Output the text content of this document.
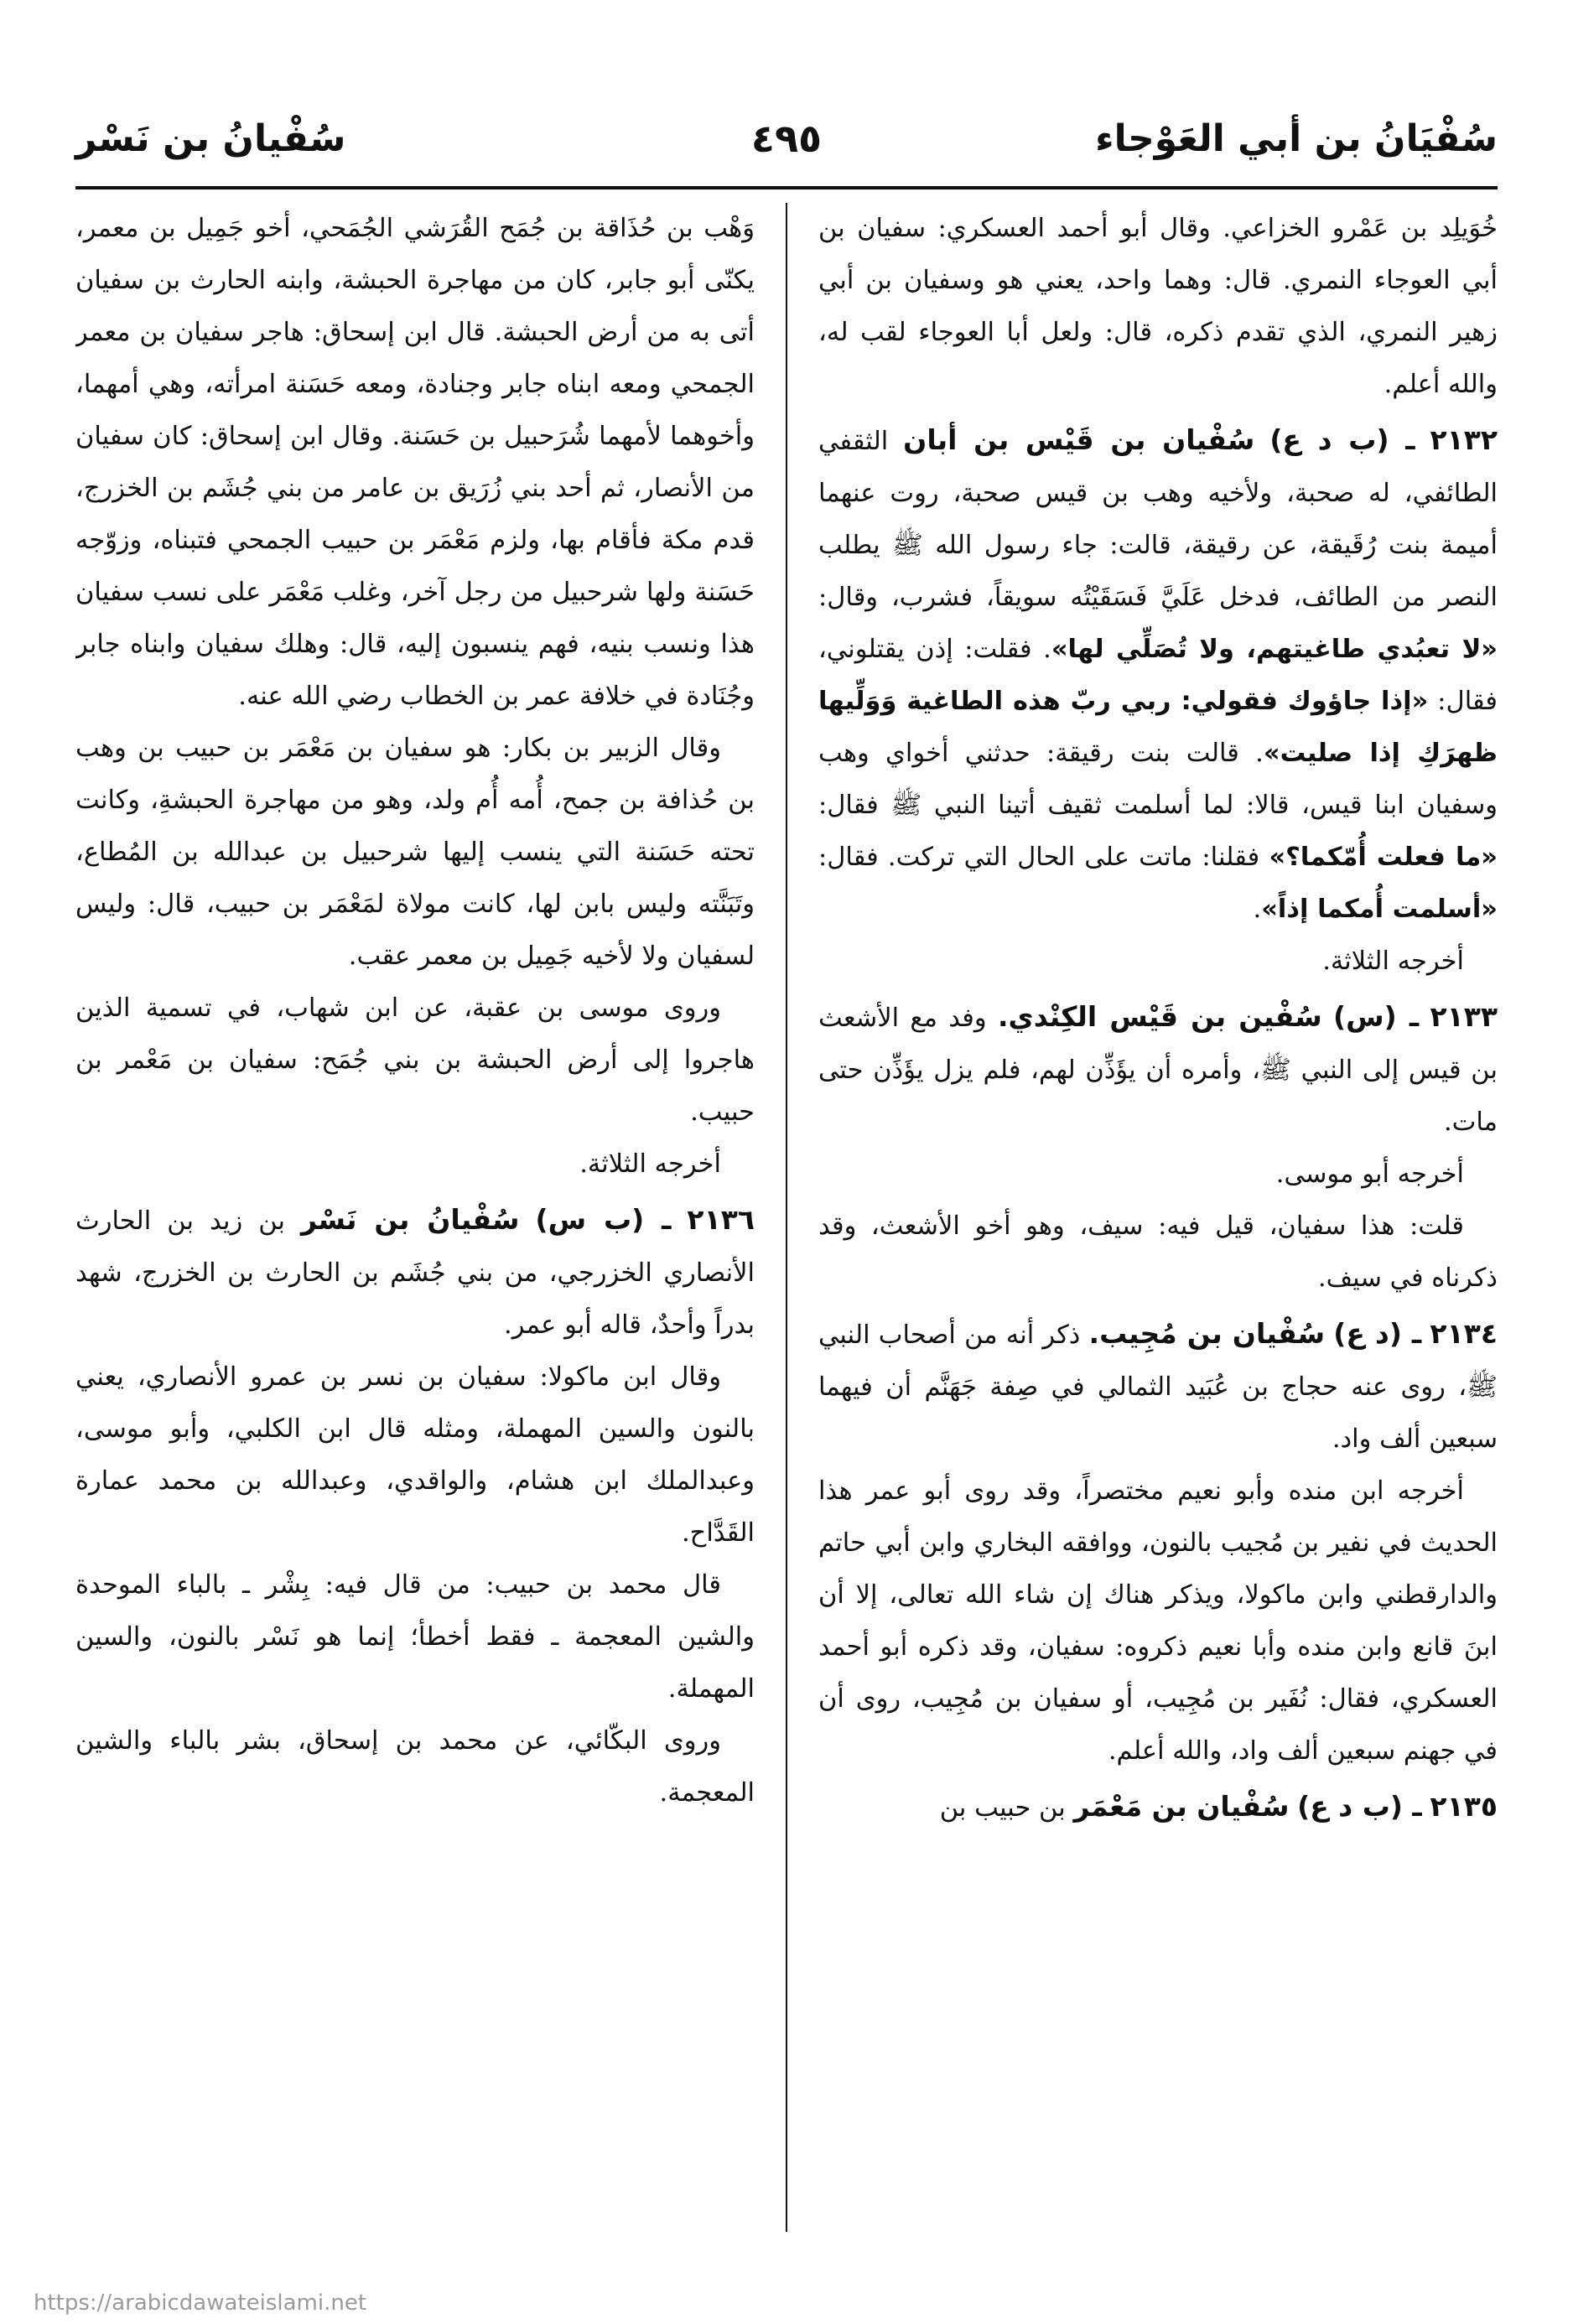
سُفْيَانُ بن أبي العَوْجاء
٤٩٥
سُفْيانُ بن نَسْر

خُوَيلِد بن عَمْرو الخزاعي. وقال أبو أحمد العسكري: سفيان بن أبي العوجاء النمري. قال: وهما واحد، يعني هو وسفيان بن أبي زهير النمري، الذي تقدم ذكره، قال: ولعل أبا العوجاء لقب له، والله أعلم.

٢١٣٢ ـ (ب د ع) سُفْيان بن قَيْس بن أبان الثقفي الطائفي، له صحبة، ولأخيه وهب بن قيس صحبة، روت عنهما أميمة بنت رُقَيقة، عن رقيقة، قالت: جاء رسول الله ﷺ يطلب النصر من الطائف، فدخل عَلَيَّ فَسَقَيْتُه سويقاً، فشرب، وقال: «لا تعبُدي طاغيتهم، ولا تُصَلِّي لها». فقلت: إذن يقتلوني، فقال: «إذا جاؤوك فقولي: ربي ربّ هذه الطاغية وَوَلِّيها ظهرَكِ إذا صليت». قالت بنت رقيقة: حدثني أخواي وهب وسفيان ابنا قيس، قالا: لما أسلمت ثقيف أتينا النبي ﷺ فقال: «ما فعلت أُمّكما؟» فقلنا: ماتت على الحال التي تركت. فقال: «أسلمت أُمكما إذاً».

أخرجه الثلاثة.

٢١٣٣ ـ (س) سُفْين بن قَيْس الكِنْدي. وفد مع الأشعث بن قيس إلى النبي ﷺ، وأمره أن يؤَذِّن لهم، فلم يزل يؤَذِّن حتى مات.

أخرجه أبو موسى.

قلت: هذا سفيان، قيل فيه: سيف، وهو أخو الأشعث، وقد ذكرناه في سيف.

٢١٣٤ ـ (د ع) سُفْيان بن مُجِيب. ذكر أنه من أصحاب النبي ﷺ، روى عنه حجاج بن عُبَيد الثمالي في صِفة جَهَنَّم أن فيهما سبعين ألف واد.

أخرجه ابن منده وأبو نعيم مختصراً، وقد روى أبو عمر هذا الحديث في نفير بن مُجيب بالنون، ووافقه البخاري وابن أبي حاتم والدارقطني وابن ماكولا، ويذكر هناك إن شاء الله تعالى، إلا أن ابنَ قانع وابن منده وأبا نعيم ذكروه: سفيان، وقد ذكره أبو أحمد العسكري، فقال: نُفَير بن مُجِيب، أو سفيان بن مُجِيب، روى أن في جهنم سبعين ألف واد، والله أعلم.

٢١٣٥ ـ (ب د ع) سُفْيان بن مَعْمَر بن حبيب بن

وَهْب بن حُذَاقة بن جُمَح القُرَشي الجُمَحي، أخو جَمِيل بن معمر، يكنّى أبو جابر، كان من مهاجرة الحبشة، وابنه الحارث بن سفيان أتى به من أرض الحبشة. قال ابن إسحاق: هاجر سفيان بن معمر الجمحي ومعه ابناه جابر وجنادة، ومعه حَسَنة امرأته، وهي أمهما، وأخوهما لأمهما شُرَحبيل بن حَسَنة. وقال ابن إسحاق: كان سفيان من الأنصار، ثم أحد بني زُرَيق بن عامر من بني جُشَم بن الخزرج، قدم مكة فأقام بها، ولزم مَعْمَر بن حبيب الجمحي فتبناه، وزوّجه حَسَنة ولها شرحبيل من رجل آخر، وغلب مَعْمَر على نسب سفيان هذا ونسب بنيه، فهم ينسبون إليه، قال: وهلك سفيان وابناه جابر وجُنَادة في خلافة عمر بن الخطاب رضي الله عنه.

وقال الزبير بن بكار: هو سفيان بن مَعْمَر بن حبيب بن وهب بن حُذافة بن جمح، أُمه أُم ولد، وهو من مهاجرة الحبشةِ، وكانت تحته حَسَنة التي ينسب إليها شرحبيل بن عبدالله بن المُطاع، وتَبَنَّته وليس بابن لها، كانت مولاة لمَعْمَر بن حبيب، قال: وليس لسفيان ولا لأخيه جَمِيل بن معمر عقب.

وروى موسى بن عقبة، عن ابن شهاب، في تسمية الذين هاجروا إلى أرض الحبشة بن بني جُمَح: سفيان بن مَعْمر بن حبيب.

أخرجه الثلاثة.

٢١٣٦ ـ (ب س) سُفْيانُ بن نَسْر بن زيد بن الحارث الأنصاري الخزرجي، من بني جُشَم بن الحارث بن الخزرج، شهد بدراً وأحدٌ، قاله أبو عمر.

وقال ابن ماكولا: سفيان بن نسر بن عمرو الأنصاري، يعني بالنون والسين المهملة، ومثله قال ابن الكلبي، وأبو موسى، وعبدالملك ابن هشام، والواقدي، وعبدالله بن محمد عمارة القَدَّاح.

قال محمد بن حبيب: من قال فيه: بِشْر ـ بالباء الموحدة والشين المعجمة ـ فقط أخطأ؛ إنما هو نَسْر بالنون، والسين المهملة.

وروى البكّائي، عن محمد بن إسحاق، بشر بالباء والشين المعجمة.

https://arabicdawateislami.net
